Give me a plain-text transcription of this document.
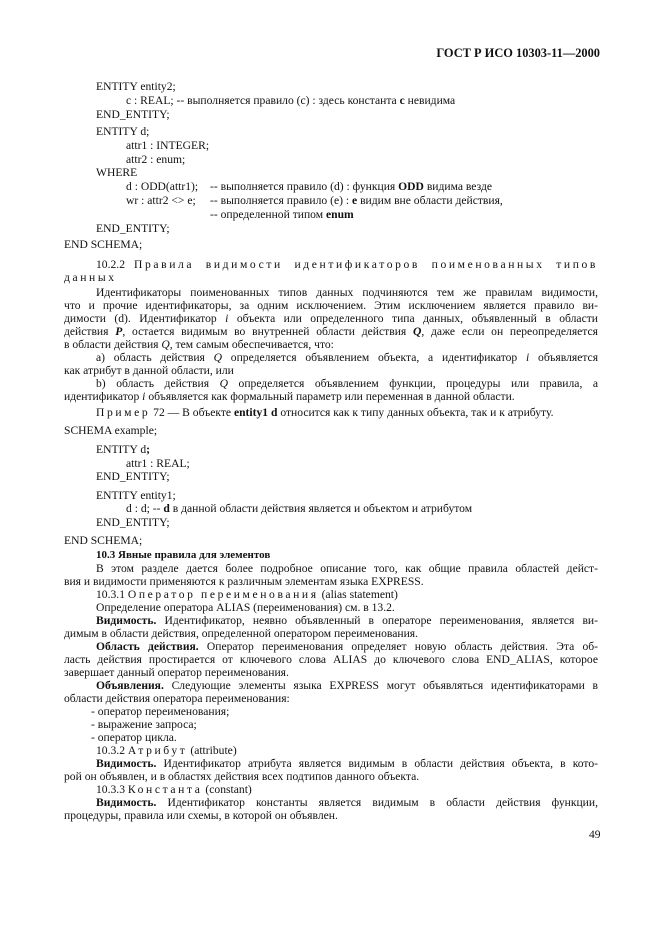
ГОСТ Р ИСО 10303-11—2000
ENTITY entity2;
c : REAL; -- выполняется правило (c) : здесь константа c невидима
END_ENTITY;
ENTITY d;
attr1 : INTEGER;
attr2 : enum;
WHERE
d : ODD(attr1); -- выполняется правило (d) : функция ODD видима везде
wr : attr2 <> e; -- выполняется правило (e) : e видим вне области действия,
-- определенной типом enum
END_ENTITY;
END SCHEMA;
10.2.2 Правила видимости идентификаторов поименованных типов
данных
Идентификаторы поименованных типов данных подчиняются тем же правилам видимости,
что и прочие идентификаторы, за одним исключением. Этим исключением является правило ви-
димости (d). Идентификатор i объекта или определенного типа данных, объявленный в области
действия P, остается видимым во внутренней области действия Q, даже если он переопределяется
в области действия Q, тем самым обеспечивается, что:
a) область действия Q определяется объявлением объекта, а идентификатор i объявляется
как атрибут в данной области, или
b) область действия Q определяется объявлением функции, процедуры или правила, а
идентификатор i объявляется как формальный параметр или переменная в данной области.
Пример 72 — В объекте entity1 d относится как к типу данных объекта, так и к атрибуту.
SCHEMA example;
ENTITY d;
attr1 : REAL;
END_ENTITY;
ENTITY entity1;
d : d; -- d в данной области действия является и объектом и атрибутом
END_ENTITY;
END SCHEMA;
10.3 Явные правила для элементов
В этом разделе дается более подробное описание того, как общие правила областей дейст-
вия и видимости применяются к различным элементам языка EXPRESS.
10.3.1 Оператор переименования (alias statement)
Определение оператора ALIAS (переименования) см. в 13.2.
Видимость. Идентификатор, неявно объявленный в операторе переименования, является ви-
димым в области действия, определенной оператором переименования.
Область действия. Оператор переименования определяет новую область действия. Эта об-
ласть действия простирается от ключевого слова ALIAS до ключевого слова END_ALIAS, которое
завершает данный оператор переименования.
Объявления. Следующие элементы языка EXPRESS могут объявляться идентификаторами в
области действия оператора переименования:
- оператор переименования;
- выражение запроса;
- оператор цикла.
10.3.2 Атрибут (attribute)
Видимость. Идентификатор атрибута является видимым в области действия объекта, в кото-
рой он объявлен, и в областях действия всех подтипов данного объекта.
10.3.3 Константа (constant)
Видимость. Идентификатор константы является видимым в области действия функции,
процедуры, правила или схемы, в которой он объявлен.
49
